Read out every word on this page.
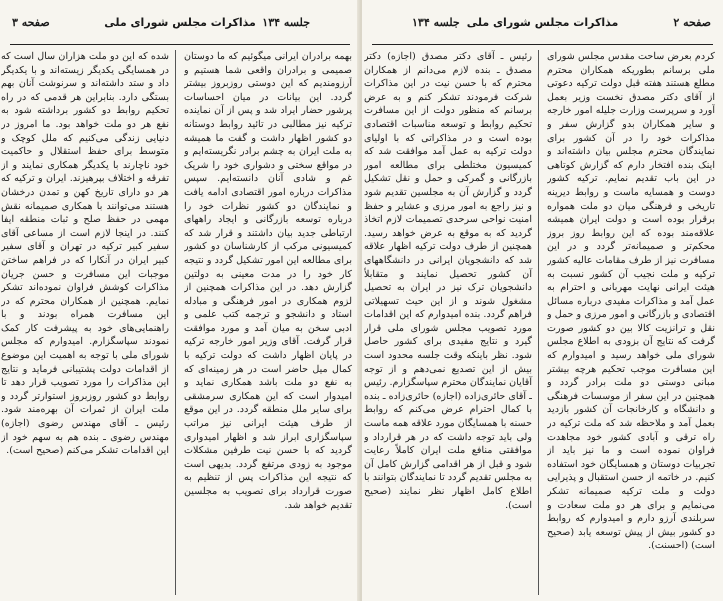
صفحه ۳	مذاکرات مجلس شورای ملی جلسه ۱۳۴

بهمه برادران ایرانی میگوئیم که ما دوستان صمیمی و برادران واقعی شما هستیم و آرزومندیم که این دوستی روزبروز بیشتر گردد. این بیانات در میان احساسات پرشور حضار ایراد شد و پس از آن نماینده ترکیه نیز مطالبی در تائید روابط دوستانه دو کشور اظهار داشت و گفت ما همیشه به ملت ایران به چشم برادر نگریسته‌ایم و در مواقع سختی و دشواری خود را شریک غم و شادی آنان دانسته‌ایم. سپس مذاکرات درباره امور اقتصادی ادامه یافت و نمایندگان دو کشور نظرات خود را درباره توسعه بازرگانی و ایجاد راههای ارتباطی جدید بیان داشتند و قرار شد که کمیسیونی مرکب از کارشناسان دو کشور برای مطالعه این امور تشکیل گردد و نتیجه کار خود را در مدت معینی به دولتین گزارش دهد. در این مذاکرات همچنین از لزوم همکاری در امور فرهنگی و مبادله استاد و دانشجو و ترجمه کتب علمی و ادبی سخن به میان آمد و مورد موافقت قرار گرفت. آقای وزیر امور خارجه ترکیه در پایان اظهار داشت که دولت ترکیه با کمال میل حاضر است در هر زمینه‌ای که به نفع دو ملت باشد همکاری نماید و امیدوار است که این همکاری سرمشقی برای سایر ملل منطقه گردد. در این موقع از طرف هیئت ایرانی نیز مراتب سپاسگزاری ابراز شد و اظهار امیدواری گردید که با حسن نیت طرفین مشکلات موجود به زودی مرتفع گردد. بدیهی است که نتیجه این مذاکرات پس از تنظیم به صورت قرارداد برای تصویب به مجلسین تقدیم خواهد شد.

شده که این دو ملت هزاران سال است که در همسایگی یکدیگر زیسته‌اند و با یکدیگر داد و ستد داشته‌اند و سرنوشت آنان بهم بستگی دارد. بنابراین هر قدمی که در راه تحکیم روابط دو کشور برداشته شود به نفع هر دو ملت خواهد بود. ما امروز در دنیایی زندگی می‌کنیم که ملل کوچک و متوسط برای حفظ استقلال و حاکمیت خود ناچارند با یکدیگر همکاری نمایند و از تفرقه و اختلاف بپرهیزند. ایران و ترکیه که هر دو دارای تاریخ کهن و تمدن درخشان هستند می‌توانند با همکاری صمیمانه نقش مهمی در حفظ صلح و ثبات منطقه ایفا کنند. در اینجا لازم است از مساعی آقای سفیر کبیر ترکیه در تهران و آقای سفیر کبیر ایران در آنکارا که در فراهم ساختن موجبات این مسافرت و حسن جریان مذاکرات کوشش فراوان نموده‌اند تشکر نمایم. همچنین از همکاران محترم که در این مسافرت همراه بودند و با راهنمایی‌های خود به پیشرفت کار کمک نمودند سپاسگزارم. امیدوارم که مجلس شورای ملی با توجه به اهمیت این موضوع از اقدامات دولت پشتیبانی فرماید و نتایج این مذاکرات را مورد تصویب قرار دهد تا روابط دو کشور روزبروز استوارتر گردد و ملت ایران از ثمرات آن بهره‌مند شود. رئیس ـ آقای مهندس رضوی (اجازه) مهندس رضوی ـ بنده هم به سهم خود از این اقدامات تشکر می‌کنم (صحیح است).

صفحه ۲
مذاکرات مجلس شورای ملی
جلسه ۱۳۴

کردم بعرض ساحت مقدس مجلس شورای ملی برسانم بطوریکه همکاران محترم مطلع هستند هفته قبل دولت ترکیه دعوتی از آقای دکتر مصدق نخست وزیر بعمل آورد و سرپرست وزارت جلیله امور خارجه و سایر همکاران بدو گزارش سفر و مذاکرات خود را در آن کشور برای نمایندگان محترم مجلس بیان داشته‌اند و اینک بنده افتخار دارم که گزارش کوتاهی در این باب تقدیم نمایم. ترکیه کشور دوست و همسایه ماست و روابط دیرینه تاریخی و فرهنگی میان دو ملت همواره برقرار بوده است و دولت ایران همیشه علاقه‌مند بوده که این روابط روز بروز محکم‌تر و صمیمانه‌تر گردد و در این مسافرت نیز از طرف مقامات عالیه کشور ترکیه و ملت نجیب آن کشور نسبت به هیئت ایرانی نهایت مهربانی و احترام به عمل آمد و مذاکرات مفیدی درباره مسائل اقتصادی و بازرگانی و امور مرزی و حمل و نقل و ترانزیت کالا بین دو کشور صورت گرفت که نتایج آن بزودی به اطلاع مجلس شورای ملی خواهد رسید و امیدوارم که این مسافرت موجب تحکیم هرچه بیشتر مبانی دوستی دو ملت برادر گردد و همچنین در این سفر از موسسات فرهنگی و دانشگاه و کارخانجات آن کشور بازدید بعمل آمد و ملاحظه شد که ملت ترکیه در راه ترقی و آبادی کشور خود مجاهدت فراوان نموده است و ما نیز باید از تجربیات دوستان و همسایگان خود استفاده کنیم. در خاتمه از حسن استقبال و پذیرایی دولت و ملت ترکیه صمیمانه تشکر می‌نمایم و برای هر دو ملت سعادت و سربلندی آرزو دارم و امیدوارم که روابط دو کشور بیش از پیش توسعه یابد (صحیح است) (احسنت).

رئیس ـ آقای دکتر مصدق (اجازه) دکتر مصدق ـ بنده لازم می‌دانم از همکاران محترم که با حسن نیت در این مذاکرات شرکت فرمودند تشکر کنم و به عرض برسانم که منظور دولت از این مسافرت تحکیم روابط و توسعه مناسبات اقتصادی بوده است و در مذاکراتی که با اولیای دولت ترکیه به عمل آمد موافقت شد که کمیسیون مختلطی برای مطالعه امور بازرگانی و گمرکی و حمل و نقل تشکیل گردد و گزارش آن به مجلسین تقدیم شود و نیز راجع به امور مرزی و عشایر و حفظ امنیت نواحی سرحدی تصمیمات لازم اتخاذ گردید که به موقع به عرض خواهد رسید. همچنین از طرف دولت ترکیه اظهار علاقه شد که دانشجویان ایرانی در دانشگاههای آن کشور تحصیل نمایند و متقابلاً دانشجویان ترک نیز در ایران به تحصیل مشغول شوند و از این حیث تسهیلاتی فراهم گردد. بنده امیدوارم که این اقدامات مورد تصویب مجلس شورای ملی قرار گیرد و نتایج مفیدی برای کشور حاصل شود. نظر باینکه وقت جلسه محدود است بیش از این تصدیع نمی‌دهم و از توجه آقایان نمایندگان محترم سپاسگزارم. رئیس ـ آقای حائری‌زاده (اجازه) حائری‌زاده ـ بنده با کمال احترام عرض می‌کنم که روابط حسنه با همسایگان مورد علاقه همه ماست ولی باید توجه داشت که در هر قرارداد و موافقتی منافع ملت ایران کاملاً رعایت شود و قبل از هر اقدامی گزارش کامل آن به مجلس تقدیم گردد تا نمایندگان بتوانند با اطلاع کامل اظهار نظر نمایند (صحیح است).
